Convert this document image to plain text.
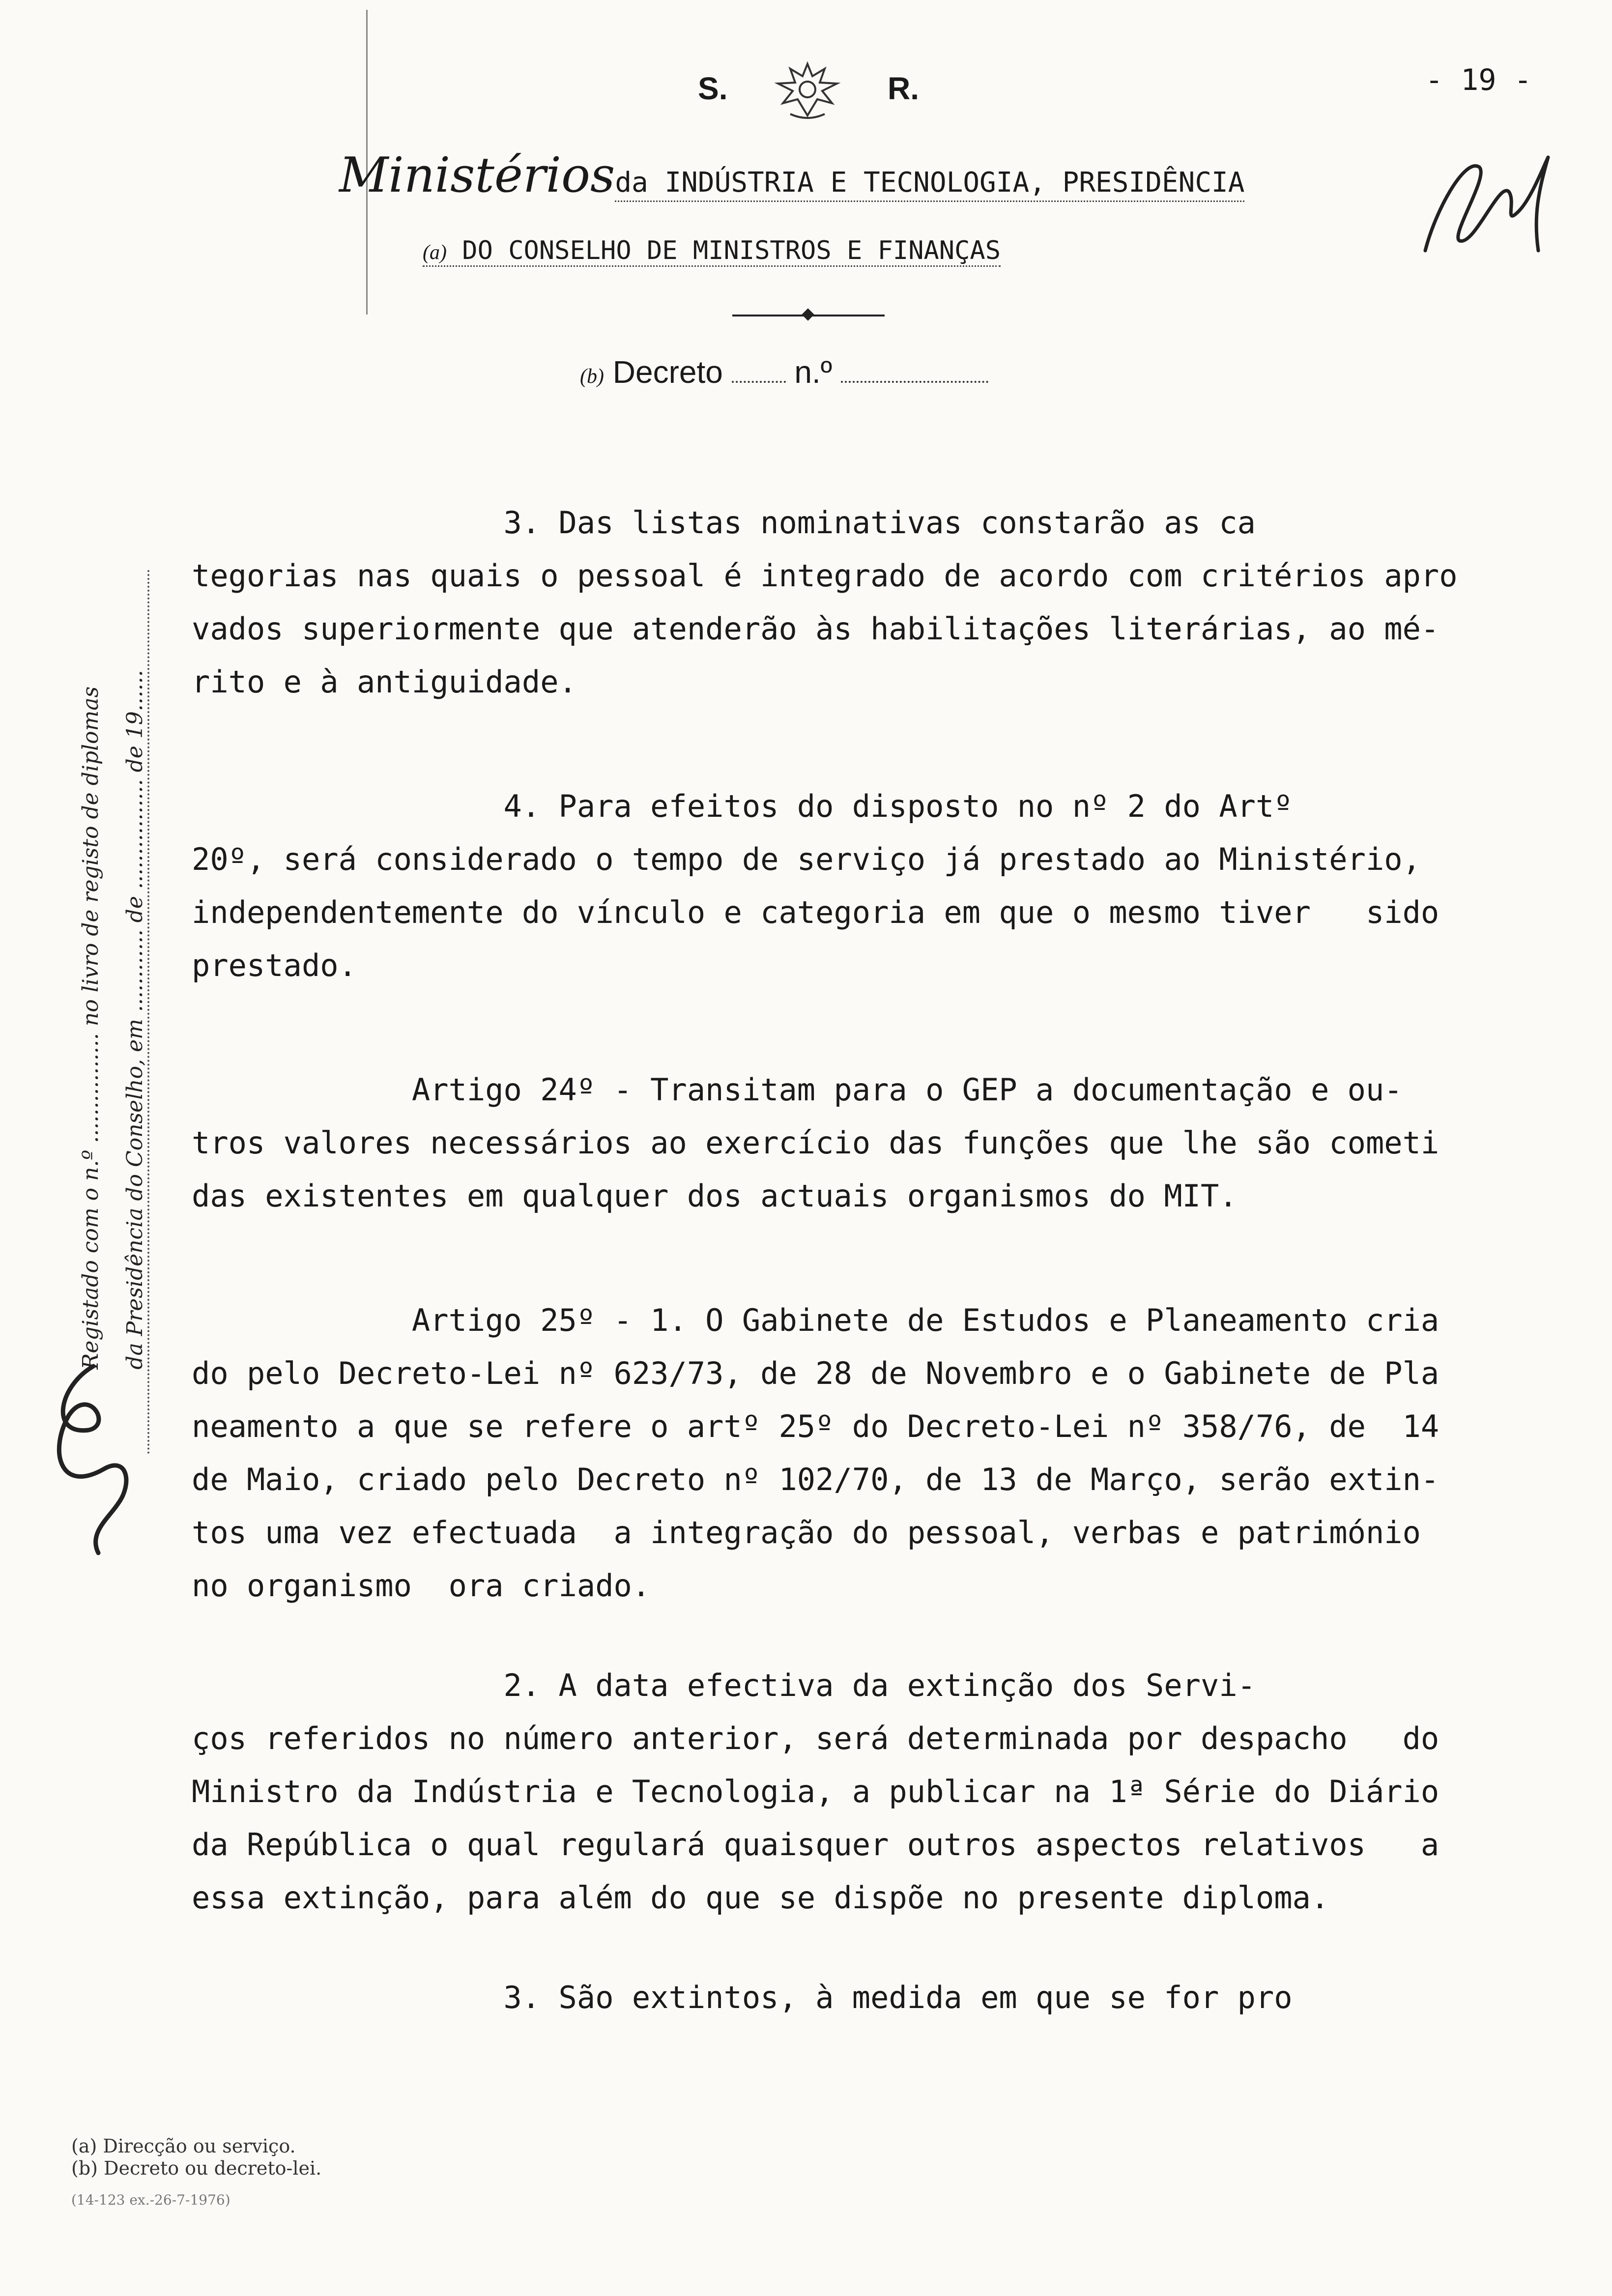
S.	R.	- 19 -
Ministériosda INDÚSTRIA E TECNOLOGIA, PRESIDÊNCIA
(a) DO CONSELHO DE MINISTROS E FINANÇAS
(b) Decreto n.º
Registado com o n.º ................ no livro de registo de diplomas da Presidência do Conselho, em ............ de ................ de 19......

3. Das listas nominativas constarão as ca

tegorias nas quais o pessoal é integrado de acordo com critérios apro

vados superiormente que atenderão às habilitações literárias, ao mé-

rito e à antiguidade.

4. Para efeitos do disposto no nº 2 do Artº

20º, será considerado o tempo de serviço já prestado ao Ministério,

independentemente do vínculo e categoria em que o mesmo tiver   sido

prestado.

Artigo 24º - Transitam para o GEP a documentação e ou-

tros valores necessários ao exercício das funções que lhe são cometi

das existentes em qualquer dos actuais organismos do MIT.

Artigo 25º - 1. O Gabinete de Estudos e Planeamento cria

do pelo Decreto-Lei nº 623/73, de 28 de Novembro e o Gabinete de Pla

neamento a que se refere o artº 25º do Decreto-Lei nº 358/76, de  14

de Maio, criado pelo Decreto nº 102/70, de 13 de Março, serão extin-

tos uma vez efectuada  a integração do pessoal, verbas e património

no organismo  ora criado.

2. A data efectiva da extinção dos Servi-

ços referidos no número anterior, será determinada por despacho   do

Ministro da Indústria e Tecnologia, a publicar na 1ª Série do Diário

da República o qual regulará quaisquer outros aspectos relativos   a

essa extinção, para além do que se dispõe no presente diploma.

3. São extintos, à medida em que se for pro

(a) Direcção ou serviço.
(b) Decreto ou decreto-lei.
(14-123 ex.-26-7-1976)
